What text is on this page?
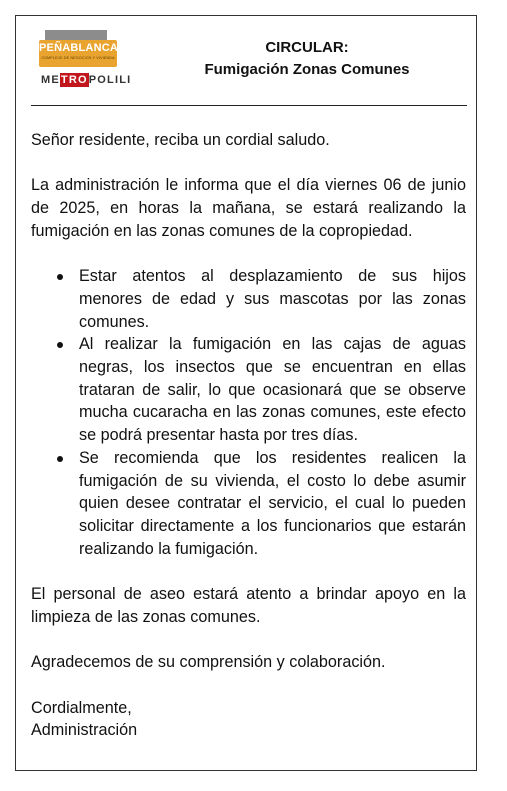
PEÑABLANCA
COMPLEJO DE NEGOCIOS Y VIVIENDA
METROPOLILI
CIRCULAR:
Fumigación Zonas Comunes

Señor residente, reciba un cordial saludo.

La administración le informa que el día viernes 06 de junio de 2025, en horas la mañana, se estará realizando la fumigación en las zonas comunes de la copropiedad.

Estar atentos al desplazamiento de sus hijos menores de edad y sus mascotas por las zonas comunes.
Al realizar la fumigación en las cajas de aguas negras, los insectos que se encuentran en ellas trataran de salir, lo que ocasionará que se observe mucha cucaracha en las zonas comunes, este efecto se podrá presentar hasta por tres días.
Se recomienda que los residentes realicen la fumigación de su vivienda, el costo lo debe asumir quien desee contratar el servicio, el cual lo pueden solicitar directamente a los funcionarios que estarán realizando la fumigación.

El personal de aseo estará atento a brindar apoyo en la limpieza de las zonas comunes.

Agradecemos de su comprensión y colaboración.

Cordialmente,
Administración
